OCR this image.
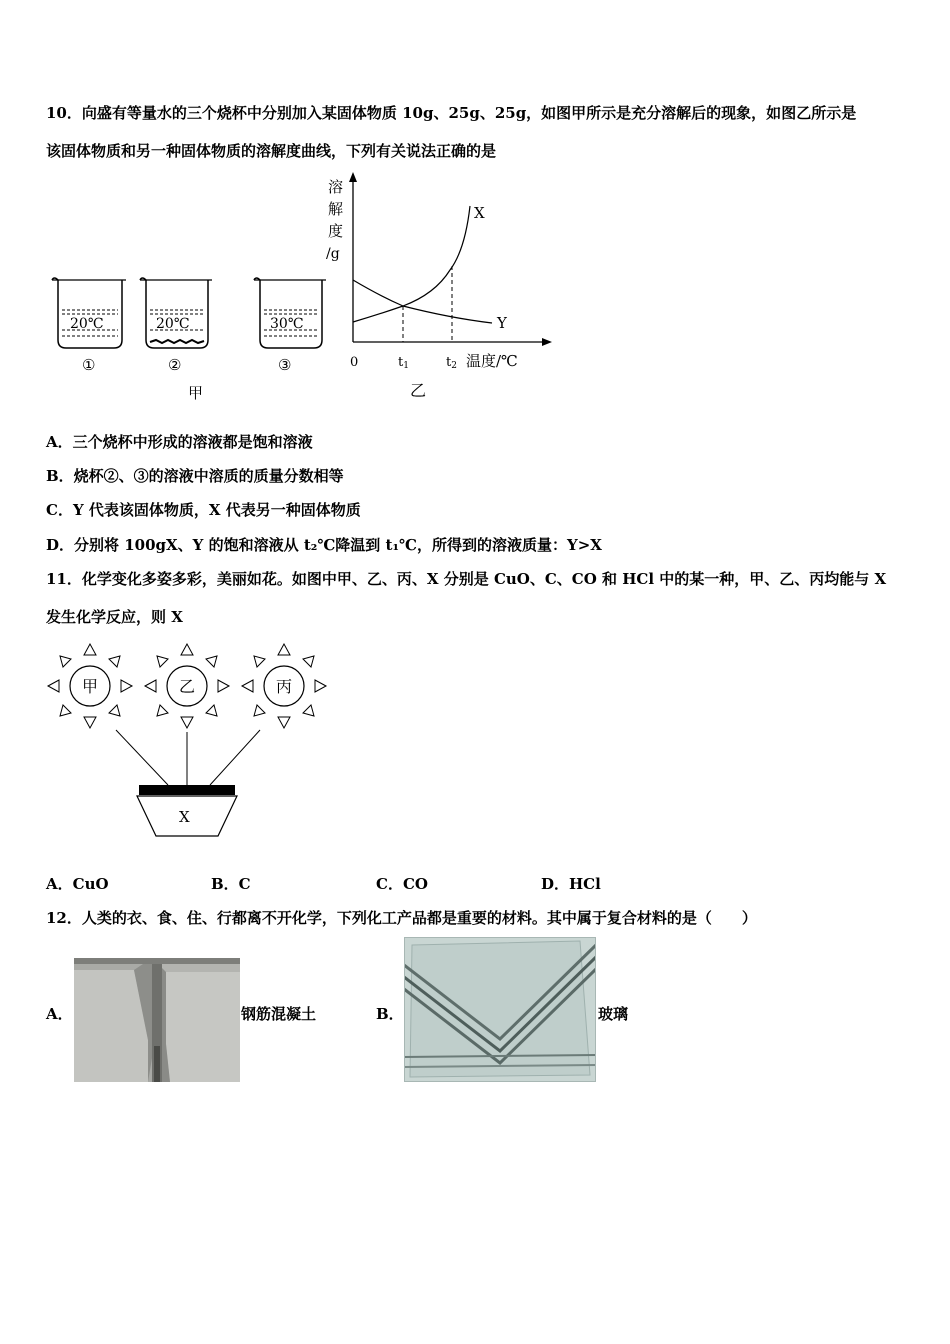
10．向盛有等量水的三个烧杯中分别加入某固体物质 10g、25g、25g，如图甲所示是充分溶解后的现象，如图乙所示是
该固体物质和另一种固体物质的溶解度曲线，下列有关说法正确的是
20℃
①
20℃
②
30℃
③
甲
溶
解
度
/g
X
Y
0	t1	t2 温度/℃
乙
A．三个烧杯中形成的溶液都是饱和溶液
B．烧杯②、③的溶液中溶质的质量分数相等
C．Y 代表该固体物质，X 代表另一种固体物质
D．分别将 100gX、Y 的饱和溶液从 t₂℃降温到 t₁℃，所得到的溶液质量：Y>X
11．化学变化多姿多彩，美丽如花。如图中甲、乙、丙、X 分别是 CuO、C、CO 和 HCl 中的某一种，甲、乙、丙均能与 X
发生化学反应，则 X
甲	乙	丙
X
A．CuO	B．C	C．CO	D．HCl
12．人类的衣、食、住、行都离不开化学，下列化工产品都是重要的材料。其中属于复合材料的是（　　）
A．	钢筋混凝土	B．	玻璃
